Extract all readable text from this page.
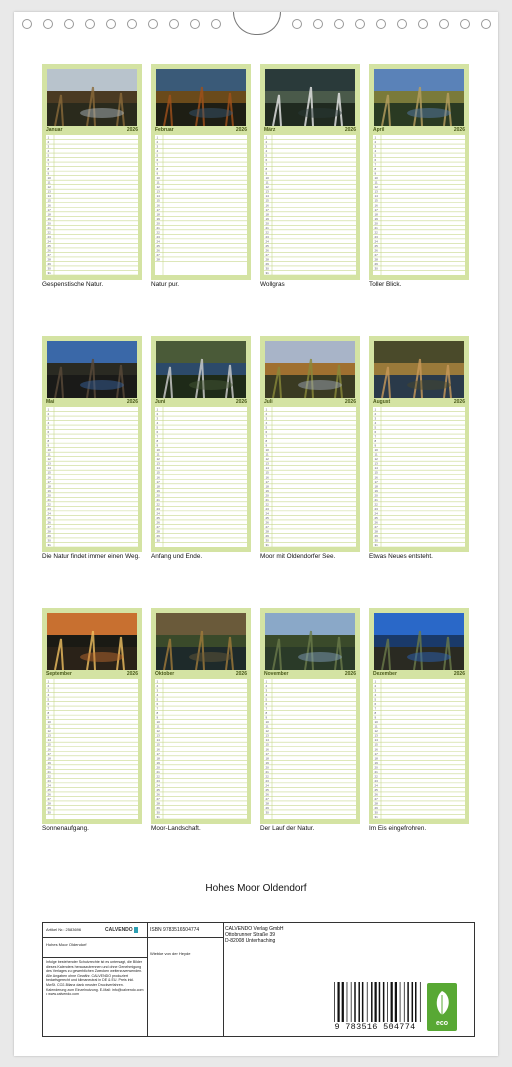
Januar	2026
1
2
3
4
5
6
7
8
9
10
11
12
13
14
15
16
17
18
19
20
21
22
23
24
25
26
27
28
29
30
31
Gespenstische Natur.
Februar	2026
1
2
3
4
5
6
7
8
9
10
11
12
13
14
15
16
17
18
19
20
21
22
23
24
25
26
27
28
Natur pur.
März	2026
1
2
3
4
5
6
7
8
9
10
11
12
13
14
15
16
17
18
19
20
21
22
23
24
25
26
27
28
29
30
31
Wollgras
April	2026
1
2
3
4
5
6
7
8
9
10
11
12
13
14
15
16
17
18
19
20
21
22
23
24
25
26
27
28
29
30
Toller Blick.
Mai	2026
1
2
3
4
5
6
7
8
9
10
11
12
13
14
15
16
17
18
19
20
21
22
23
24
25
26
27
28
29
30
31
Die Natur findet immer einen Weg.
Juni	2026
1
2
3
4
5
6
7
8
9
10
11
12
13
14
15
16
17
18
19
20
21
22
23
24
25
26
27
28
29
30
Anfang und Ende.
Juli	2026
1
2
3
4
5
6
7
8
9
10
11
12
13
14
15
16
17
18
19
20
21
22
23
24
25
26
27
28
29
30
31
Moor mit Oldendorfer See.
August	2026
1
2
3
4
5
6
7
8
9
10
11
12
13
14
15
16
17
18
19
20
21
22
23
24
25
26
27
28
29
30
31
Etwas Neues entsteht.
September	2026
1
2
3
4
5
6
7
8
9
10
11
12
13
14
15
16
17
18
19
20
21
22
23
24
25
26
27
28
29
30
Sonnenaufgang.
Oktober	2026
1
2
3
4
5
6
7
8
9
10
11
12
13
14
15
16
17
18
19
20
21
22
23
24
25
26
27
28
29
30
31
Moor-Landschaft.
November	2026
1
2
3
4
5
6
7
8
9
10
11
12
13
14
15
16
17
18
19
20
21
22
23
24
25
26
27
28
29
30
Der Lauf der Natur.
Dezember	2026
1
2
3
4
5
6
7
8
9
10
11
12
13
14
15
16
17
18
19
20
21
22
23
24
25
26
27
28
29
30
31
Im Eis eingefrohren.
Hohes Moor Oldendorf
Artikel Nr.: 2583696	CALVENDO
Hohes Moor Oldendorf
Infolge bestehender Schutzrechte ist es untersagt, die Bilder dieses Kalenders herauszutrennen und ohne Genehmigung des Verlages zu gewerblichen Zwecken weiterzuverwenden. Alle Angaben ohne Gewähr. CALVENDO produziert bedarfsgerecht und klimaneutral in DE & EU. Preis inkl. MwSt. CO2-Bilanz dank neuster Druckverfahren. Kalenderung zum Einzelnutzung. E-Mail: info@calvendo.com • www.calvendo.com
ISBN 9783516504774
Wiebke von der Heyde
CALVENDO Verlag GmbH
Ottobrunner Straße 39
D-82008 Unterhaching
9 783516 504774	eco
